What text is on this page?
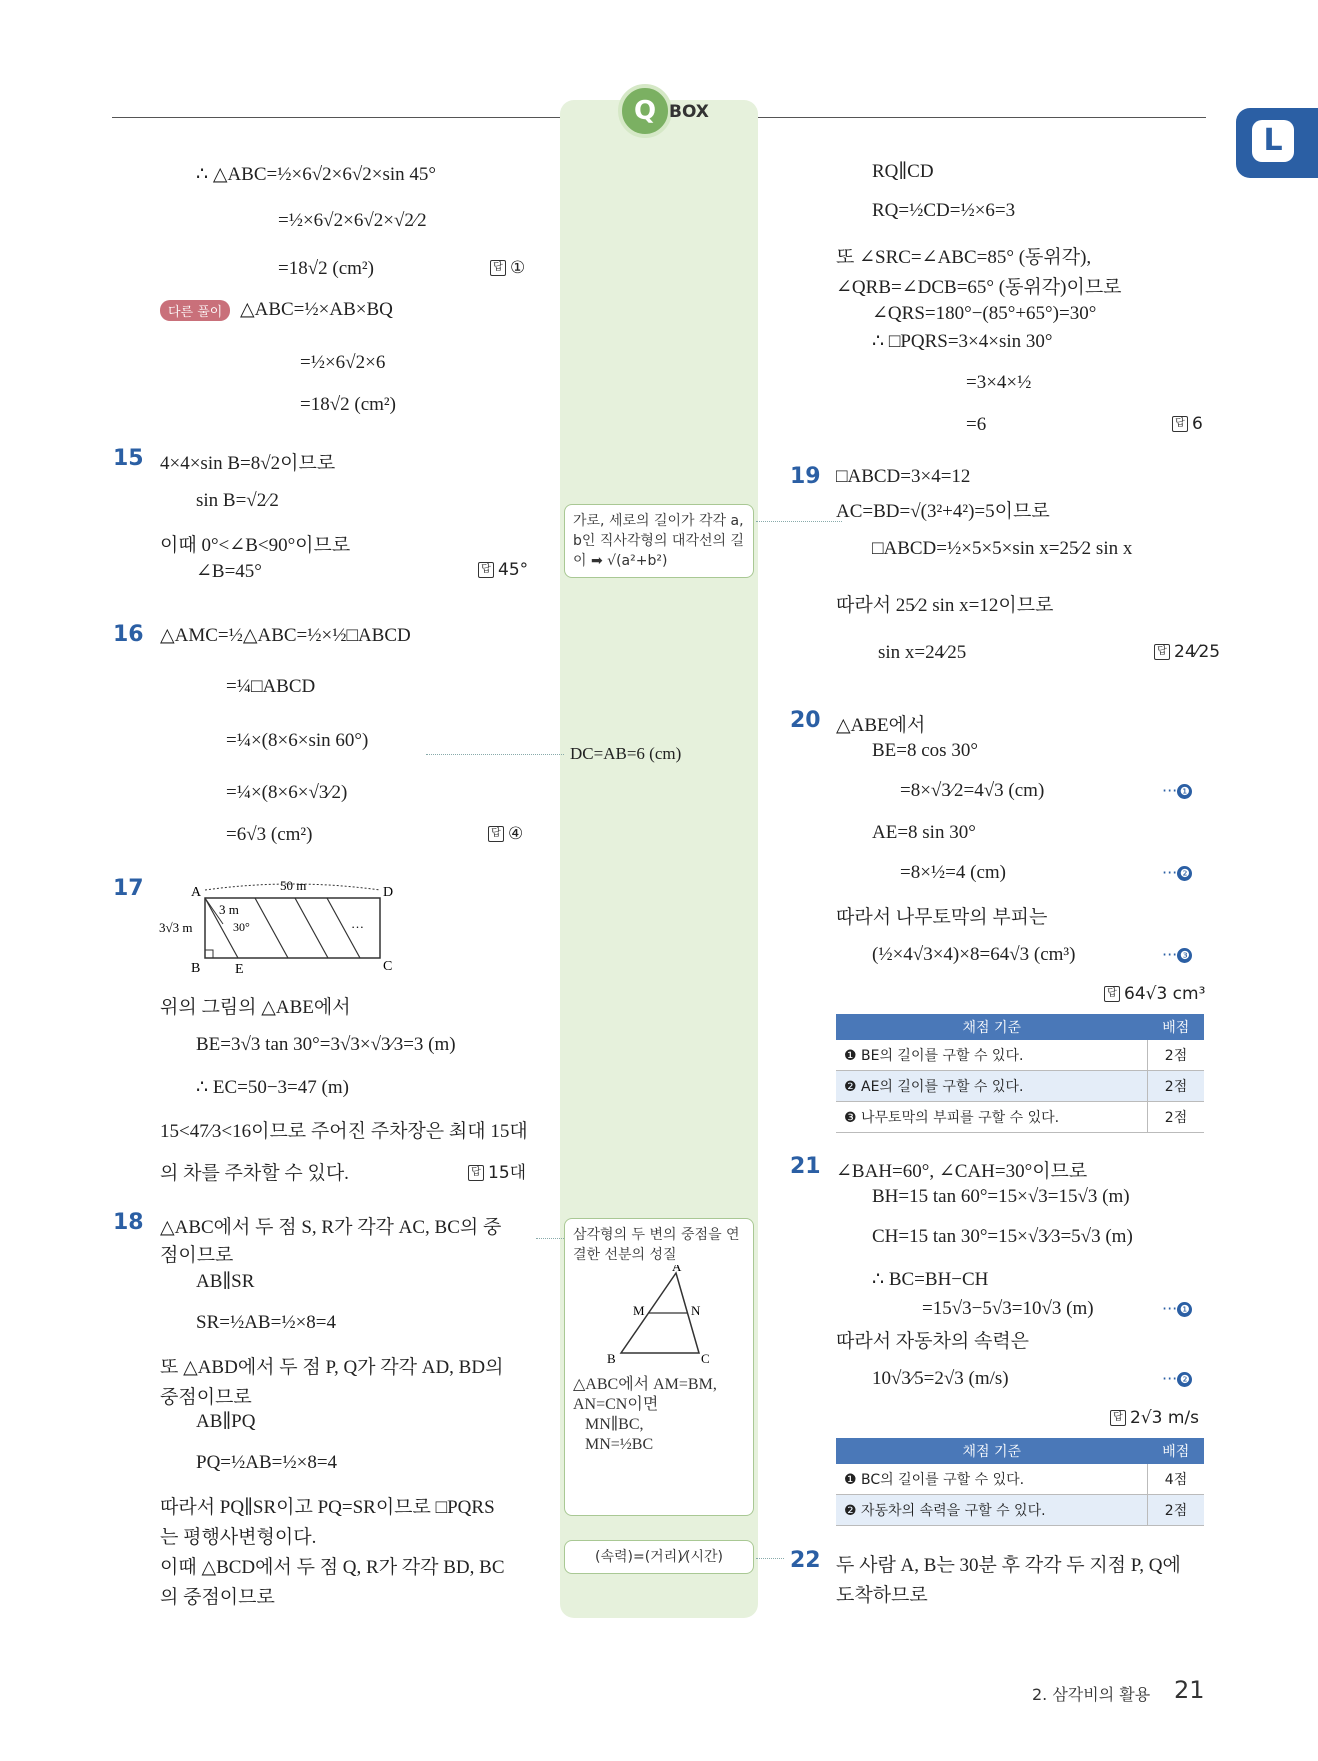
Q BOX
L
∴ △ABC=½×6√2×6√2×sin 45°
=½×6√2×6√2×√2⁄2
=18√2 (cm²)	답 ①
다른 풀이 △ABC=½×AB×BQ
=½×6√2×6
=18√2 (cm²)
15 4×4×sin B=8√2이므로
sin B=√2⁄2
이때 0°<∠B<90°이므로
∠B=45°	답 45°
16 △AMC=½△ABC=½×½□ABCD
=¼□ABCD
=¼×(8×6×sin 60°)
=¼×(8×6×√3⁄2)
=6√3 (cm²)	답 ④
17	A	D
B E	C
50 m
3 m
30°
3√3 m	…
위의 그림의 △ABE에서
BE=3√3 tan 30°=3√3×√3⁄3=3 (m)
∴ EC=50−3=47 (m)
15<47⁄3<16이므로 주어진 주차장은 최대 15대
의 차를 주차할 수 있다.	답 15대
18 △ABC에서 두 점 S, R가 각각 AC, BC의 중
점이므로
AB∥SR
SR=½AB=½×8=4
또 △ABD에서 두 점 P, Q가 각각 AD, BD의
중점이므로
AB∥PQ
PQ=½AB=½×8=4
따라서 PQ∥SR이고 PQ=SR이므로 □PQRS
는 평행사변형이다.
이때 △BCD에서 두 점 Q, R가 각각 BD, BC
의 중점이므로
가로, 세로의 길이가 각각 a, b인 직사각형의 대각선의 길이 ➡ √(a²+b²)
DC=AB=6 (cm)
삼각형의 두 변의 중점을 연결한 선분의 성질
A
M	N
B	C
△ABC에서 AM=BM,
AN=CN이면
MN∥BC,
MN=½BC
(속력)=(거리)⁄(시간)
RQ∥CD
RQ=½CD=½×6=3
또 ∠SRC=∠ABC=85° (동위각),
∠QRB=∠DCB=65° (동위각)이므로
∠QRS=180°−(85°+65°)=30°
∴ □PQRS=3×4×sin 30°
=3×4×½
=6	답 6
19 □ABCD=3×4=12
AC=BD=√(3²+4²)=5이므로
□ABCD=½×5×5×sin x=25⁄2 sin x
따라서 25⁄2 sin x=12이므로
sin x=24⁄25	답 24⁄25
20 △ABE에서
BE=8 cos 30°
=8×√3⁄2=4√3 (cm)	··· ❶
AE=8 sin 30°
=8×½=4 (cm)	··· ❷
따라서 나무토막의 부피는
(½×4√3×4)×8=64√3 (cm³)	··· ❸
답 64√3 cm³
채점 기준	배점
❶ BE의 길이를 구할 수 있다.	2점
❷ AE의 길이를 구할 수 있다.	2점
❸ 나무토막의 부피를 구할 수 있다.	2점
21 ∠BAH=60°, ∠CAH=30°이므로
BH=15 tan 60°=15×√3=15√3 (m)
CH=15 tan 30°=15×√3⁄3=5√3 (m)
∴ BC=BH−CH
=15√3−5√3=10√3 (m)	··· ❶
따라서 자동차의 속력은
10√3⁄5=2√3 (m/s)	··· ❷
답 2√3 m/s
채점 기준	배점
❶ BC의 길이를 구할 수 있다.	4점
❷ 자동차의 속력을 구할 수 있다.	2점
22 두 사람 A, B는 30분 후 각각 두 지점 P, Q에
도착하므로
2. 삼각비의 활용 21
